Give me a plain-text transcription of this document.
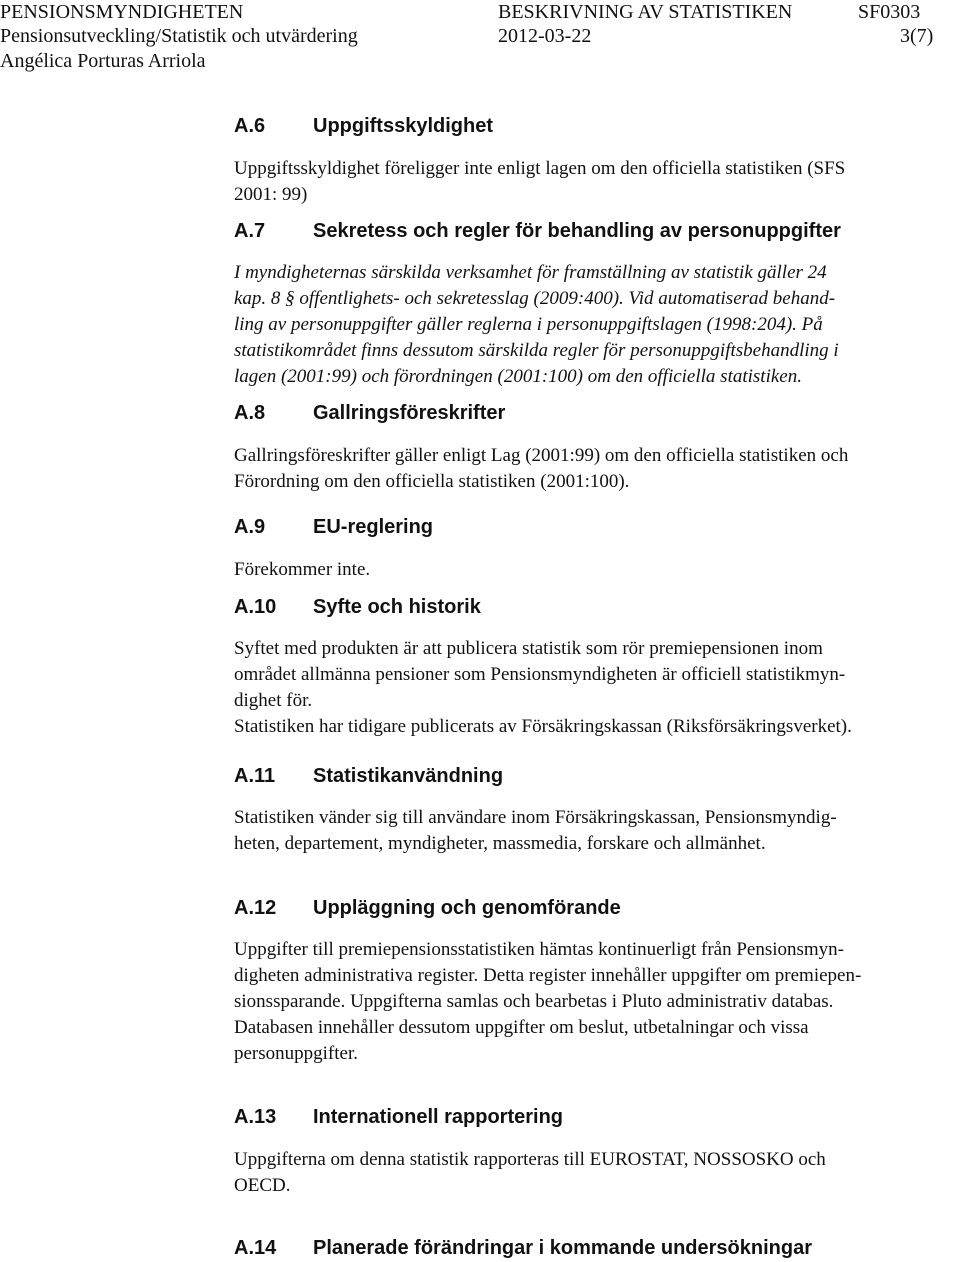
PENSIONSMYNDIGHETEN	BESKRIVNING AV STATISTIKEN	SF0303
Pensionsutveckling/Statistik och utvärdering	2012-03-22	3(7)
Angélica Porturas Arriola
A.6 Uppgiftsskyldighet
Uppgiftsskyldighet föreligger inte enligt lagen om den officiella statistiken (SFS
2001: 99)
A.7 Sekretess och regler för behandling av personuppgifter
I myndigheternas särskilda verksamhet för framställning av statistik gäller 24
kap. 8 § offentlighets- och sekretesslag (2009:400). Vid automatiserad behand-
ling av personuppgifter gäller reglerna i personuppgiftslagen (1998:204). På
statistikområdet finns dessutom särskilda regler för personuppgiftsbehandling i
lagen (2001:99) och förordningen (2001:100) om den officiella statistiken.
A.8 Gallringsföreskrifter
Gallringsföreskrifter gäller enligt Lag (2001:99) om den officiella statistiken och
Förordning om den officiella statistiken (2001:100).
A.9 EU-reglering
Förekommer inte.
A.10 Syfte och historik
Syftet med produkten är att publicera statistik som rör premiepensionen inom
området allmänna pensioner som Pensionsmyndigheten är officiell statistikmyn-
dighet för.
Statistiken har tidigare publicerats av Försäkringskassan (Riksförsäkringsverket).
A.11 Statistikanvändning
Statistiken vänder sig till användare inom Försäkringskassan, Pensionsmyndig-
heten, departement, myndigheter, massmedia, forskare och allmänhet.
A.12 Uppläggning och genomförande
Uppgifter till premiepensionsstatistiken hämtas kontinuerligt från Pensionsmyn-
digheten administrativa register. Detta register innehåller uppgifter om premiepen-
sionssparande. Uppgifterna samlas och bearbetas i Pluto administrativ databas.
Databasen innehåller dessutom uppgifter om beslut, utbetalningar och vissa
personuppgifter.
A.13 Internationell rapportering
Uppgifterna om denna statistik rapporteras till EUROSTAT, NOSSOSKO och
OECD.
A.14 Planerade förändringar i kommande undersökningar
